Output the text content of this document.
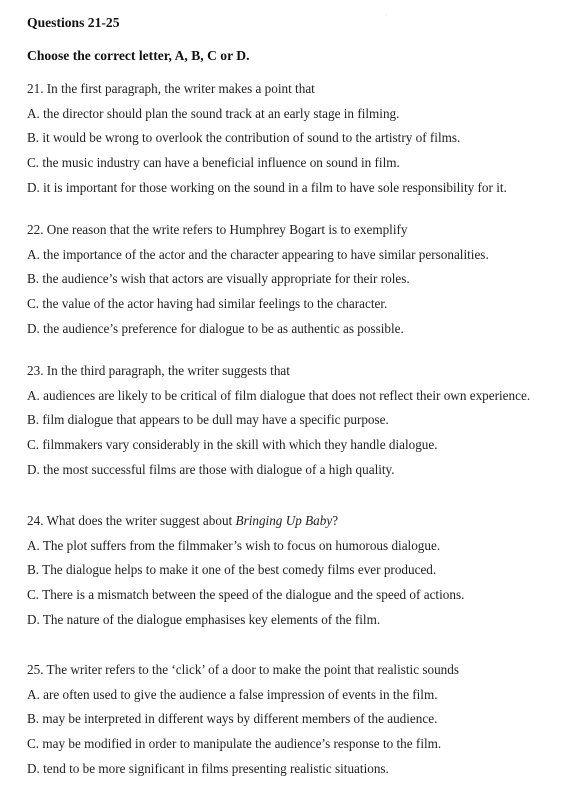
·
Questions 21-25
Choose the correct letter, A, B, C or D.
21. In the first paragraph, the writer makes a point that
A. the director should plan the sound track at an early stage in filming.
B. it would be wrong to overlook the contribution of sound to the artistry of films.
C. the music industry can have a beneficial influence on sound in film.
D. it is important for those working on the sound in a film to have sole responsibility for it.
22. One reason that the write refers to Humphrey Bogart is to exemplify
A. the importance of the actor and the character appearing to have similar personalities.
B. the audience’s wish that actors are visually appropriate for their roles.
C. the value of the actor having had similar feelings to the character.
D. the audience’s preference for dialogue to be as authentic as possible.
23. In the third paragraph, the writer suggests that
A. audiences are likely to be critical of film dialogue that does not reflect their own experience.
B. film dialogue that appears to be dull may have a specific purpose.
C. filmmakers vary considerably in the skill with which they handle dialogue.
D. the most successful films are those with dialogue of a high quality.
24. What does the writer suggest about Bringing Up Baby?
A. The plot suffers from the filmmaker’s wish to focus on humorous dialogue.
B. The dialogue helps to make it one of the best comedy films ever produced.
C. There is a mismatch between the speed of the dialogue and the speed of actions.
D. The nature of the dialogue emphasises key elements of the film.
25. The writer refers to the ‘click’ of a door to make the point that realistic sounds
A. are often used to give the audience a false impression of events in the film.
B. may be interpreted in different ways by different members of the audience.
C. may be modified in order to manipulate the audience’s response to the film.
D. tend to be more significant in films presenting realistic situations.
